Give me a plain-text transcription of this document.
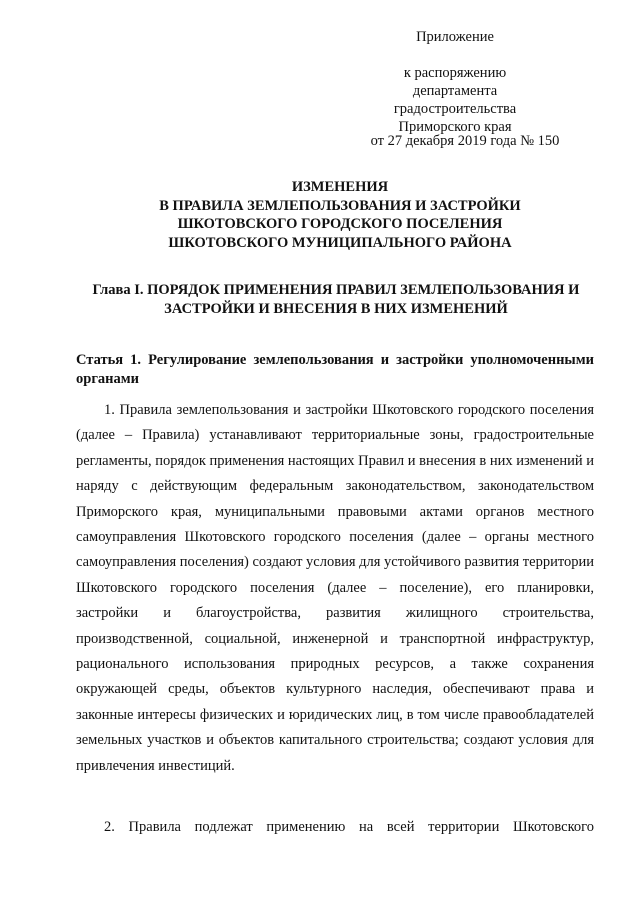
Приложение
к распоряжению
департамента градостроительства
Приморского края
от 27 декабря 2019 года № 150
ИЗМЕНЕНИЯ
В ПРАВИЛА ЗЕМЛЕПОЛЬЗОВАНИЯ И ЗАСТРОЙКИ
ШКОТОВСКОГО ГОРОДСКОГО ПОСЕЛЕНИЯ
ШКОТОВСКОГО МУНИЦИПАЛЬНОГО РАЙОНА
Глава I. ПОРЯДОК ПРИМЕНЕНИЯ ПРАВИЛ ЗЕМЛЕПОЛЬЗОВАНИЯ И ЗАСТРОЙКИ И ВНЕСЕНИЯ В НИХ ИЗМЕНЕНИЙ
Статья 1. Регулирование землепользования и застройки уполномоченными органами

1. Правила землепользования и застройки Шкотовского городского поселения (далее – Правила) устанавливают территориальные зоны, градостроительные регламенты, порядок применения настоящих Правил и внесения в них изменений и наряду с действующим федеральным законодательством, законодательством Приморского края, муниципальными правовыми актами органов местного самоуправления Шкотовского городского поселения (далее – органы местного самоуправления поселения) создают условия для устойчивого развития территории Шкотовского городского поселения (далее – поселение), его планировки, застройки и благоустройства, развития жилищного строительства, производственной, социальной, инженерной и транспортной инфраструктур, рационального использования природных ресурсов, а также сохранения окружающей среды, объектов культурного наследия, обеспечивают права и законные интересы физических и юридических лиц, в том числе правообладателей земельных участков и объектов капитального строительства; создают условия для привлечения инвестиций.

2. Правила подлежат применению на всей территории Шкотовского
